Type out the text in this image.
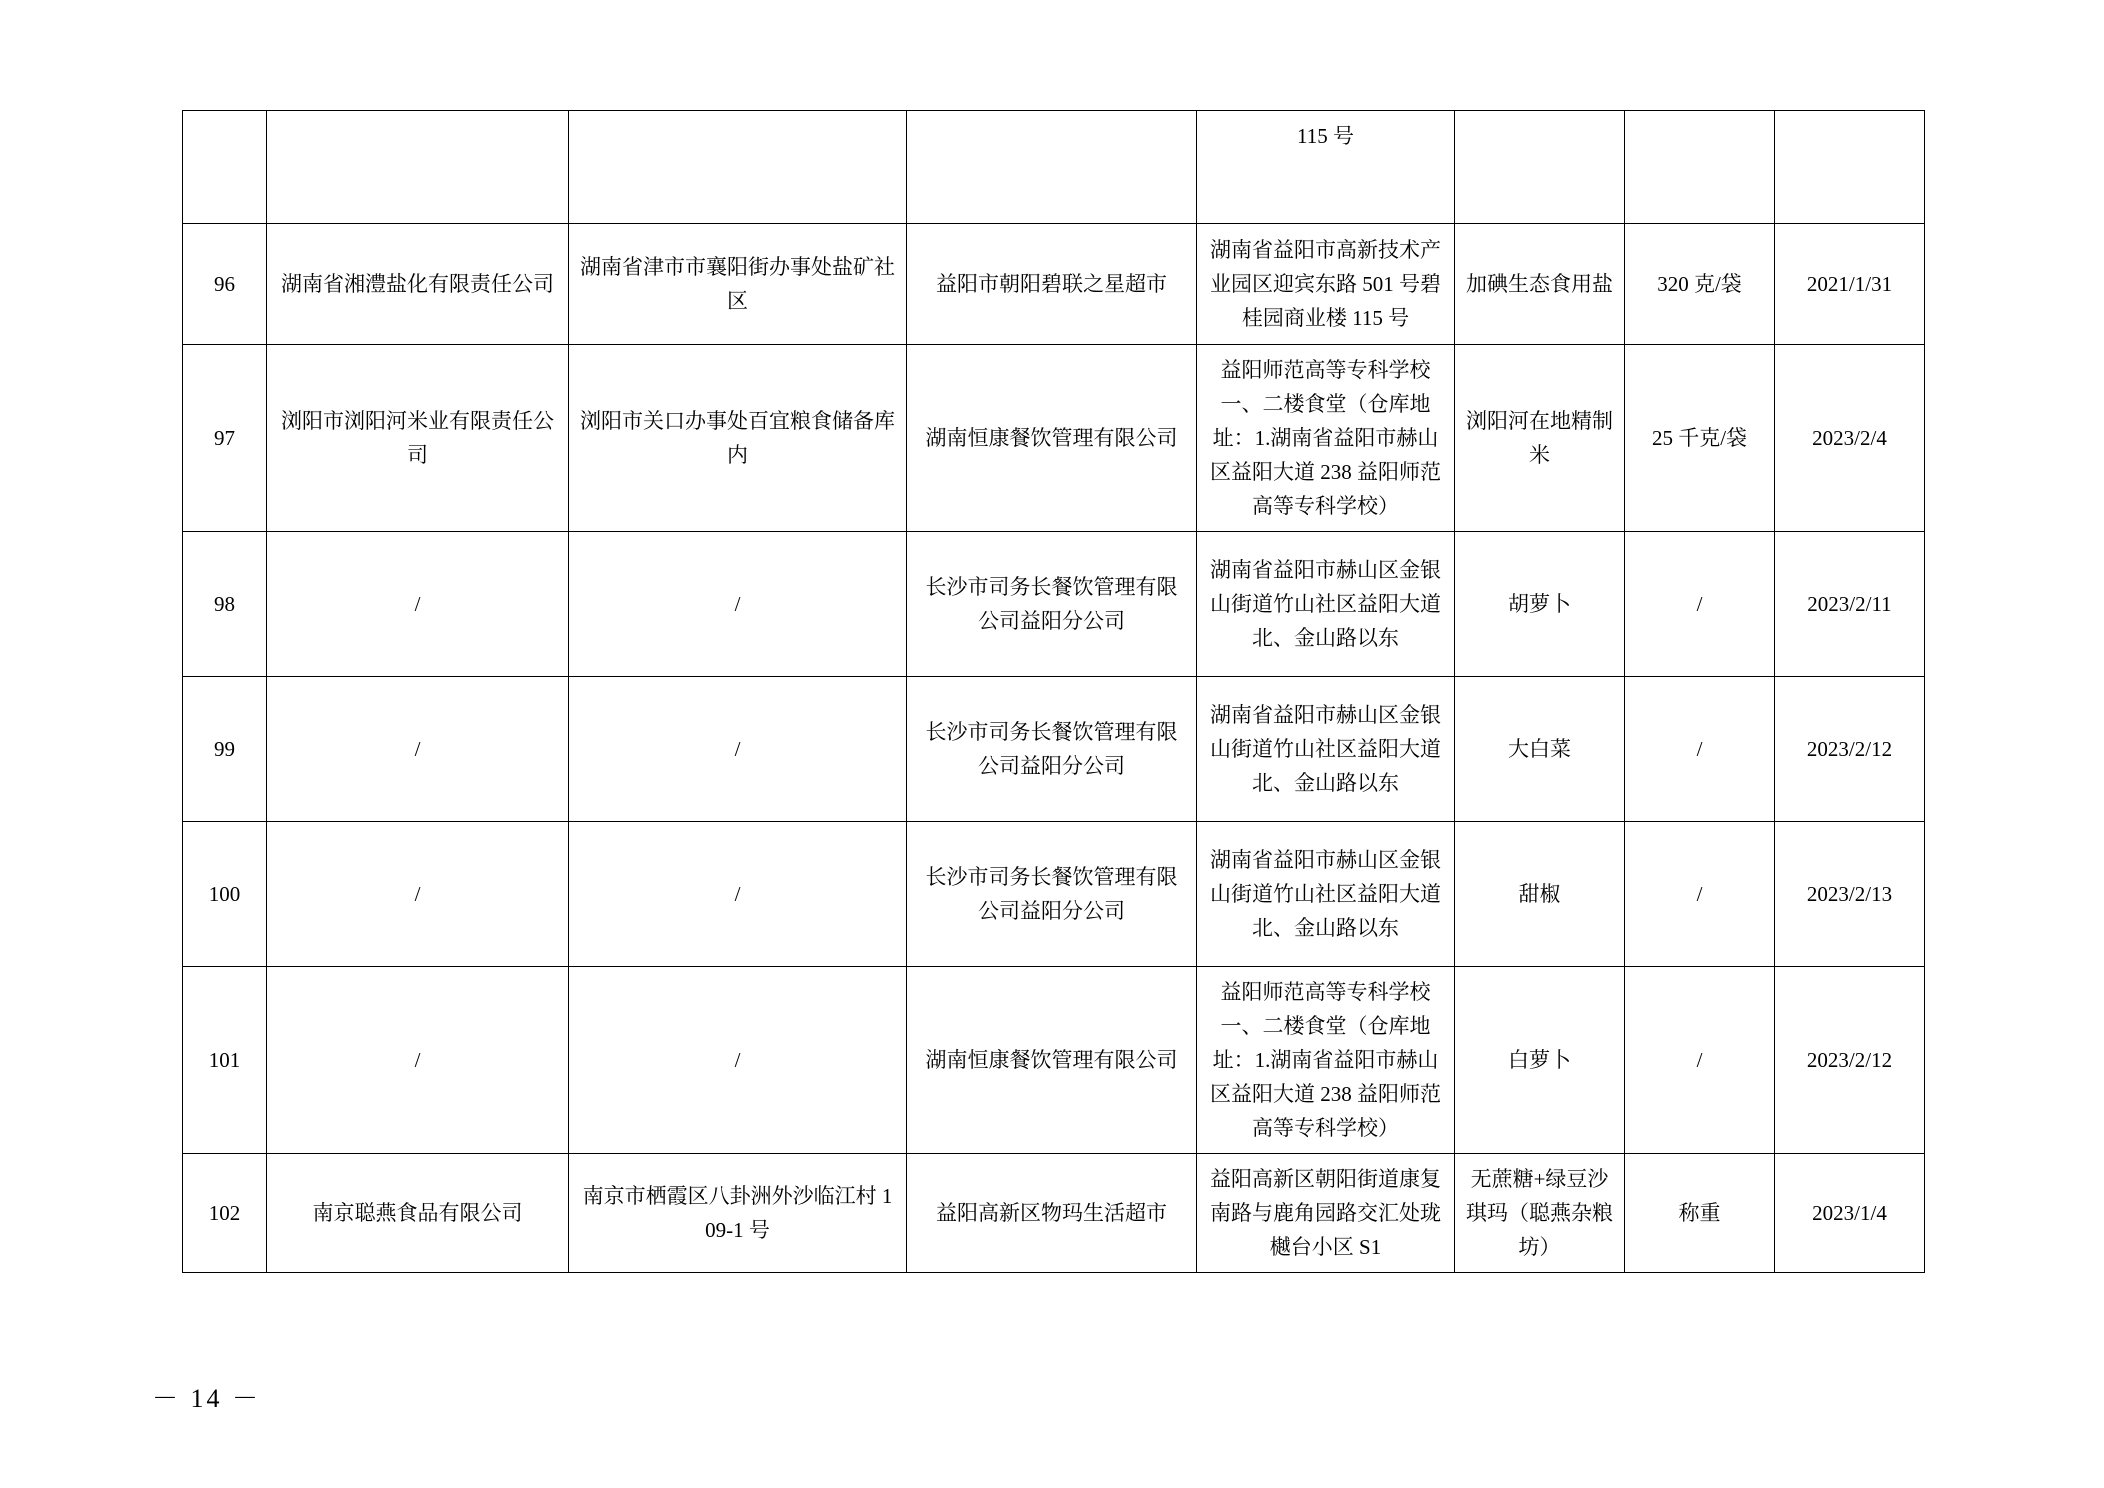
				115 号			
96	湖南省湘澧盐化有限责任公司	湖南省津市市襄阳街办事处盐矿社区	益阳市朝阳碧联之星超市	湖南省益阳市高新技术产业园区迎宾东路 501 号碧桂园商业楼 115 号	加碘生态食用盐	320 克/袋	2021/1/31
97	浏阳市浏阳河米业有限责任公司	浏阳市关口办事处百宜粮食储备库内	湖南恒康餐饮管理有限公司	益阳师范高等专科学校一、二楼食堂（仓库地址：1.湖南省益阳市赫山区益阳大道 238 益阳师范高等专科学校）	浏阳河在地精制米	25 千克/袋	2023/2/4
98	/	/	长沙市司务长餐饮管理有限公司益阳分公司	湖南省益阳市赫山区金银山街道竹山社区益阳大道北、金山路以东	胡萝卜	/	2023/2/11
99	/	/	长沙市司务长餐饮管理有限公司益阳分公司	湖南省益阳市赫山区金银山街道竹山社区益阳大道北、金山路以东	大白菜	/	2023/2/12
100	/	/	长沙市司务长餐饮管理有限公司益阳分公司	湖南省益阳市赫山区金银山街道竹山社区益阳大道北、金山路以东	甜椒	/	2023/2/13
101	/	/	湖南恒康餐饮管理有限公司	益阳师范高等专科学校一、二楼食堂（仓库地址：1.湖南省益阳市赫山区益阳大道 238 益阳师范高等专科学校）	白萝卜	/	2023/2/12
102	南京聪燕食品有限公司	南京市栖霞区八卦洲外沙临江村 109-1 号	益阳高新区物玛生活超市	益阳高新区朝阳街道康复南路与鹿角园路交汇处珑樾台小区 S1	无蔗糖+绿豆沙琪玛（聪燕杂粮坊）	称重	2023/1/4
－ 14 －
